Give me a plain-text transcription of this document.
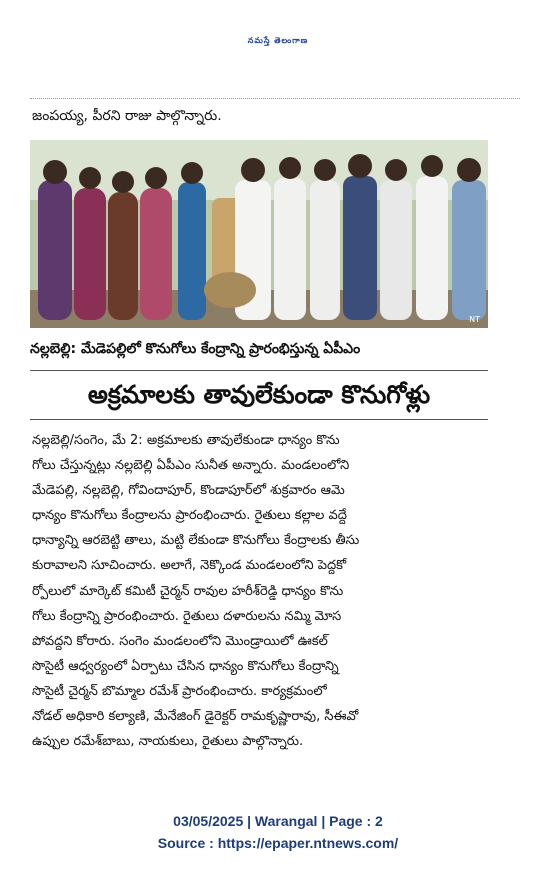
నమస్తే తెలంగాణ
జంపయ్య, పీరని రాజు పాల్గొన్నారు.
NT
నల్లబెల్లి: మేడెపల్లిలో కొనుగోలు కేంద్రాన్ని ప్రారంభిస్తున్న ఏపీఎం
అక్రమాలకు తావులేకుండా కొనుగోళ్లు
నల్లబెల్లి/సంగెం, మే 2: అక్రమాలకు తావులేకుండా ధాన్యం కొను
గోలు చేస్తున్నట్లు నల్లబెల్లి ఏపీఎం సునీత అన్నారు. మండలంలోని
మేడెపల్లి, నల్లబెల్లి, గోవిందాపూర్, కొండాపూర్‌లో శుక్రవారం ఆమె
ధాన్యం కొనుగోలు కేంద్రాలను ప్రారంభించారు. రైతులు కల్లాల వద్దే
ధాన్యాన్ని ఆరబెట్టి తాలు, మట్టి లేకుండా కొనుగోలు కేంద్రాలకు తీసు
కురావాలని సూచించారు. అలాగే, నెక్కొండ మండలంలోని పెద్దకో
ర్పోలులో మార్కెట్ కమిటీ చైర్మన్ రావుల హరీశ్‌రెడ్డి ధాన్యం కొను
గోలు కేంద్రాన్ని ప్రారంభించారు. రైతులు దళారులను నమ్మి మోస
పోవద్దని కోరారు. సంగెం మండలంలోని మొండ్రాయిలో ఊకల్
సొసైటీ ఆధ్వర్యంలో ఏర్పాటు చేసిన ధాన్యం కొనుగోలు కేంద్రాన్ని
సొసైటీ చైర్మన్ బొమ్మాల రమేశ్ ప్రారంభించారు. కార్యక్రమంలో
నోడల్ అధికారి కల్యాణి, మేనేజింగ్ డైరెక్టర్ రామకృష్ణారావు, సీఈవో
ఉప్పుల రమేశ్‌బాబు, నాయకులు, రైతులు పాల్గొన్నారు.
03/05/2025 | Warangal | Page : 2
Source : https://epaper.ntnews.com/
